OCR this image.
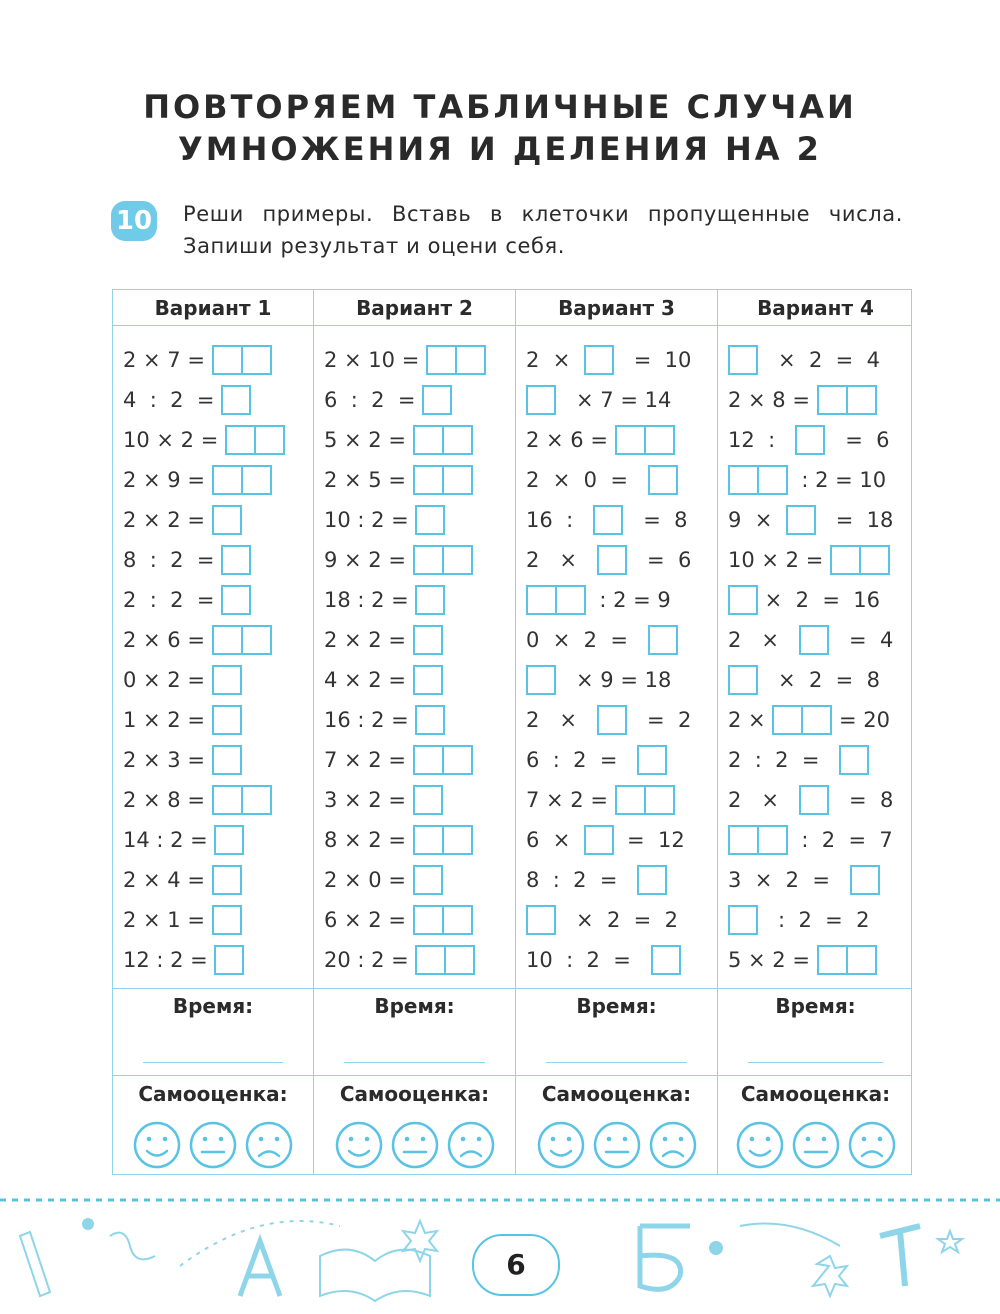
ПОВТОРЯЕМ ТАБЛИЧНЫЕ СЛУЧАИ
УМНОЖЕНИЯ И ДЕЛЕНИЯ НА 2
10 Реши примеры. Вставь в клеточки пропущенные числа.
Запиши результат и оцени себя.
Вариант 1
2 × 7 =
4  :  2  =
10 × 2 =
2 × 9 =
2 × 2 =
8  :  2  =
2  :  2  =
2 × 6 =
0 × 2 =
1 × 2 =
2 × 3 =
2 × 8 =
14 : 2 =
2 × 4 =
2 × 1 =
12 : 2 =
Время:
Самооценка:
Вариант 2
2 × 10 =
6  :  2  =
5 × 2 =
2 × 5 =
10 : 2 =
9 × 2 =
18 : 2 =
2 × 2 =
4 × 2 =
16 : 2 =
7 × 2 =
3 × 2 =
8 × 2 =
2 × 0 =
6 × 2 =
20 : 2 =
Время:
Самооценка:
Вариант 3
2  × =  10
× 7 = 14
2 × 6 =
2  ×  0  =
16  : =  8
2   × =  6
: 2 = 9
0  ×  2  =
× 9 = 18
2   × =  2
6  :  2  =
7 × 2 =
6  × =  12
8  :  2  =
×  2  =  2
10  :  2  =
Время:
Самооценка:
Вариант 4
×  2  =  4
2 × 8 =
12  : =  6
: 2 = 10
9  × =  18
10 × 2 =
×  2  =  16
2   × =  4
×  2  =  8
2 ×	= 20
2  :  2  =
2   × =  8
:  2  =  7
3  ×  2  =
:  2  =  2
5 × 2 =
Время:
Самооценка:
6
